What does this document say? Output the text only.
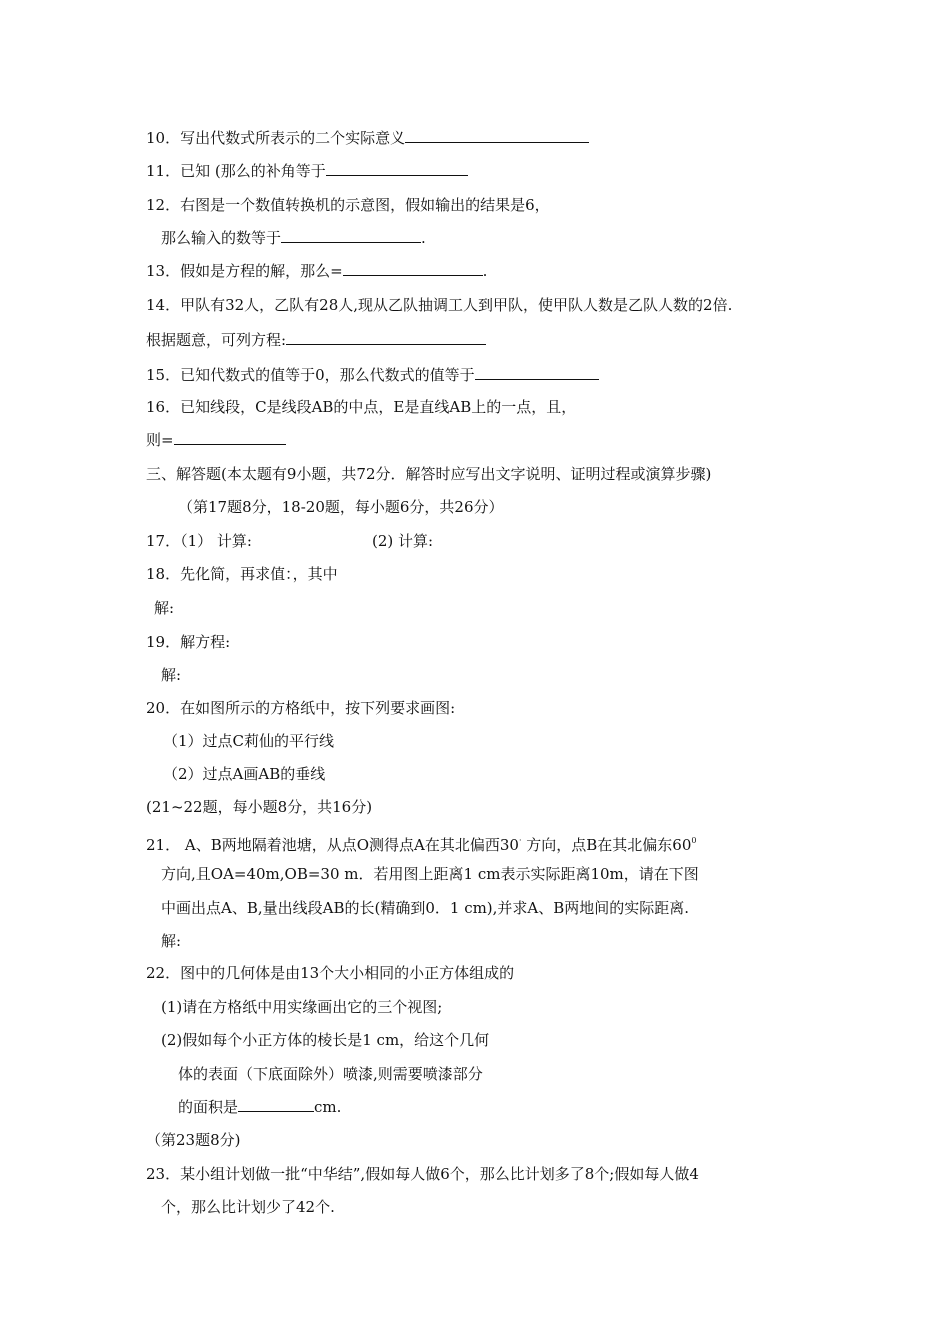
10．写出代数式所表示的二个实际意义

11．已知 (那么的补角等于

12．右图是一个数值转换机的示意图，假如输出的结果是6，

那么输入的数等于	.

13．假如是方程的解，那么=	.

14．甲队有32人，乙队有28人,现从乙队抽调工人到甲队，使甲队人数是乙队人数的2倍.

根据题意，可列方程:

15．已知代数式的值等于0，那么代数式的值等于

16．已知线段，C是线段AB的中点，E是直线AB上的一点，且，

则=

三、解答题(本太题有9小题，共72分．解答时应写出文字说明、证明过程或演算步骤)

（第17题8分，18-20题，每小题6分，共26分）

17．（1） 计算:	(2) 计算:

18．先化简，再求值：，其中

解:

19．解方程:

解:

20．在如图所示的方格纸中，按下列要求画图:

（1）过点C莉仙的平行线

（2）过点A画AB的垂线

(21~22题，每小题8分，共16分)

21． A、B两地隔着池塘，从点O测得点A在其北偏西30· 方向，点B在其北偏东$60^0$

方向,且OA=40m,OB=30 m．若用图上距离1 cm表示实际距离10m，请在下图

中画出点A、B,量出线段AB的长(精确到0．1 cm),并求A、B两地间的实际距离.

解:

22．图中的几何体是由13个大小相同的小正方体组成的

(1)请在方格纸中用实缘画出它的三个视图;

(2)假如每个小正方体的棱长是1 cm，给这个几何

体的表面（下底面除外）喷漆,则需要喷漆部分

的面积是	cm.

（第23题8分)

23．某小组计划做一批“中华结”,假如每人做6个，那么比计划多了8个;假如每人做4

个，那么比计划少了42个.
